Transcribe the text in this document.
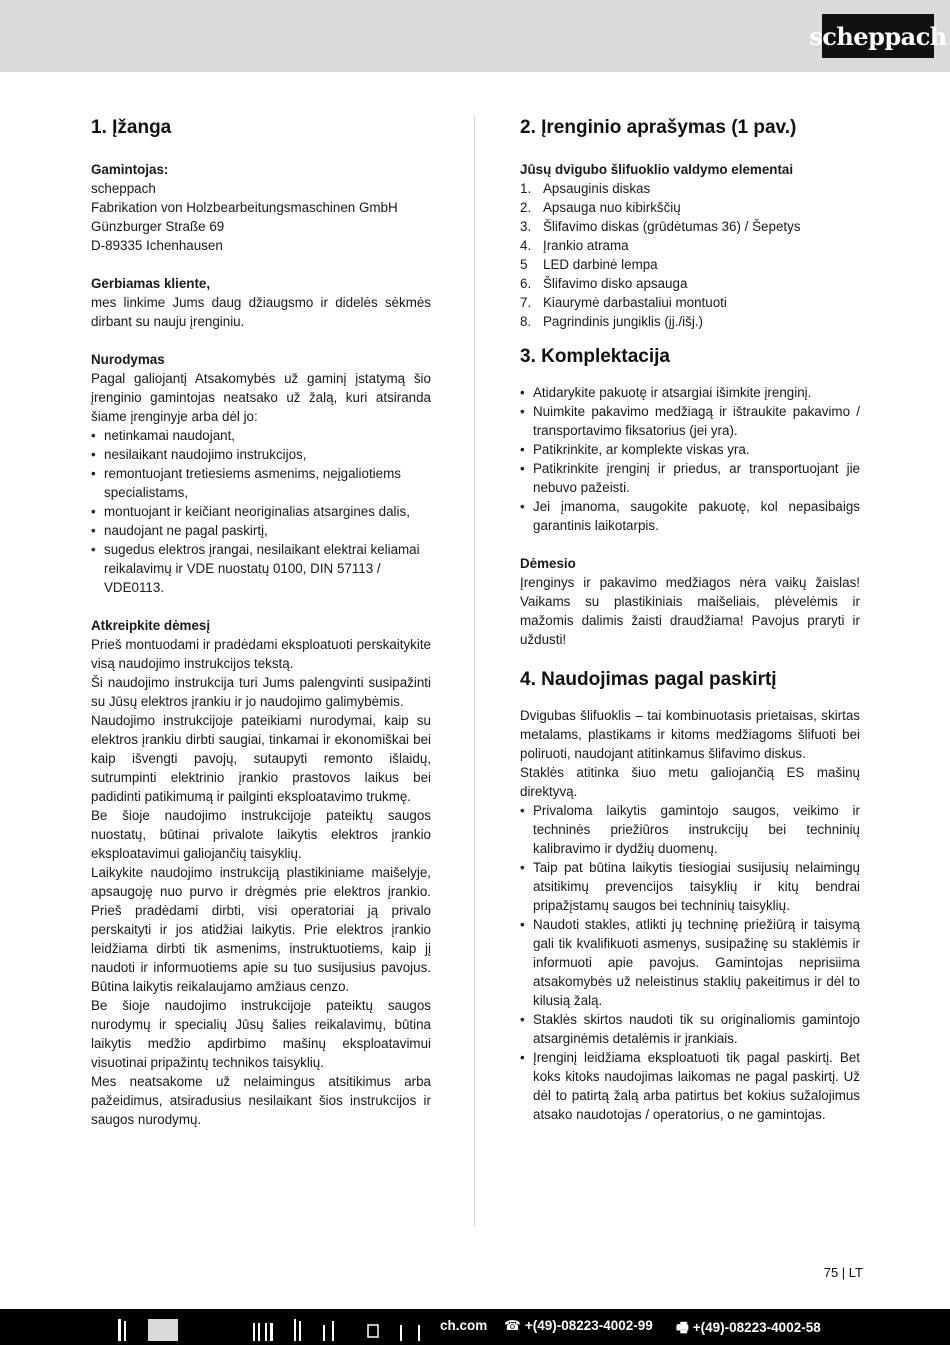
scheppach
1. Įžanga

Gamintojas:

scheppach

Fabrikation von Holzbearbeitungsmaschinen GmbH

Günzburger Straße 69

D-89335 Ichenhausen

Gerbiamas kliente,

mes linkime Jums daug džiaugsmo ir didelės sėkmės dirbant su nauju įrenginiu.

Nurodymas

Pagal galiojantį Atsakomybės už gaminį įstatymą šio įrenginio gamintojas neatsako už žalą, kuri atsiranda šiame įrenginyje arba dėl jo:

• netinkamai naudojant,
• nesilaikant naudojimo instrukcijos,
• remontuojant tretiesiems asmenims, neįgaliotiems specialistams,
• montuojant ir keičiant neoriginalias atsargines dalis,
• naudojant ne pagal paskirtį,
• sugedus elektros įrangai, nesilaikant elektrai keliamai reikalavimų ir VDE nuostatų 0100, DIN 57113 / VDE0113.

Atkreipkite dėmesį

Prieš montuodami ir pradėdami eksploatuoti perskaitykite visą naudojimo instrukcijos tekstą.

Ši naudojimo instrukcija turi Jums palengvinti susipažinti su Jūsų elektros įrankiu ir jo naudojimo galimybėmis.

Naudojimo instrukcijoje pateikiami nurodymai, kaip su elektros įrankiu dirbti saugiai, tinkamai ir ekonomiškai bei kaip išvengti pavojų, sutaupyti remonto išlaidų, sutrumpinti elektrinio įrankio prastovos laikus bei padidinti patikimumą ir pailginti eksploatavimo trukmę.

Be šioje naudojimo instrukcijoje pateiktų saugos nuostatų, būtinai privalote laikytis elektros įrankio eksploatavimui galiojančių taisyklių.

Laikykite naudojimo instrukciją plastikiniame maišelyje, apsaugoję nuo purvo ir drėgmės prie elektros įrankio. Prieš pradėdami dirbti, visi operatoriai ją privalo perskaityti ir jos atidžiai laikytis. Prie elektros įrankio leidžiama dirbti tik asmenims, instruktuotiems, kaip jį naudoti ir informuotiems apie su tuo susijusius pavojus. Būtina laikytis reikalaujamo amžiaus cenzo.

Be šioje naudojimo instrukcijoje pateiktų saugos nurodymų ir specialių Jūsų šalies reikalavimų, būtina laikytis medžio apdirbimo mašinų eksploatavimui visuotinai pripažintų technikos taisyklių.

Mes neatsakome už nelaimingus atsitikimus arba pažeidimus, atsiradusius nesilaikant šios instrukcijos ir saugos nurodymų.

2. Įrenginio aprašymas (1 pav.)

Jūsų dvigubo šlifuoklio valdymo elementai

1. Apsauginis diskas
2. Apsauga nuo kibirkščių
3. Šlifavimo diskas (grūdėtumas 36) / Šepetys
4. Įrankio atrama
5 LED darbinė lempa
6. Šlifavimo disko apsauga
7. Kiaurymė darbastaliui montuoti
8. Pagrindinis jungiklis (įj./išj.)
3. Komplektacija
• Atidarykite pakuotę ir atsargiai išimkite įrenginį.
• Nuimkite pakavimo medžiagą ir ištraukite pakavimo / transportavimo fiksatorius (jei yra).
• Patikrinkite, ar komplekte viskas yra.
• Patikrinkite įrenginį ir priedus, ar transportuojant jie nebuvo pažeisti.
• Jei įmanoma, saugokite pakuotę, kol nepasibaigs garantinis laikotarpis.

Dėmesio

Įrenginys ir pakavimo medžiagos nėra vaikų žaislas! Vaikams su plastikiniais maišeliais, plėvelėmis ir mažomis dalimis žaisti draudžiama! Pavojus praryti ir uždusti!

4. Naudojimas pagal paskirtį

Dvigubas šlifuoklis – tai kombinuotasis prietaisas, skirtas metalams, plastikams ir kitoms medžiagoms šlifuoti bei poliruoti, naudojant atitinkamus šlifavimo diskus.

Staklės atitinka šiuo metu galiojančią ES mašinų direktyvą.

• Privaloma laikytis gamintojo saugos, veikimo ir techninės priežiūros instrukcijų bei techninių kalibravimo ir dydžių duomenų.
• Taip pat būtina laikytis tiesiogiai susijusių nelaimingų atsitikimų prevencijos taisyklių ir kitų bendrai pripažįstamų saugos bei techninių taisyklių.
• Naudoti stakles, atlikti jų techninę priežiūrą ir taisymą gali tik kvalifikuoti asmenys, susipažinę su staklėmis ir informuoti apie pavojus. Gamintojas neprisiima atsakomybės už neleistinus staklių pakeitimus ir dėl to kilusią žalą.
• Staklės skirtos naudoti tik su originaliomis gamintojo atsarginėmis detalėmis ir įrankiais.
• Įrenginį leidžiama eksploatuoti tik pagal paskirtį. Bet koks kitoks naudojimas laikomas ne pagal paskirtį. Už dėl to patirtą žalą arba patirtus bet kokius sužalojimus atsako naudotojas / operatorius, o ne gamintojas.
75 | LT
ch.com ☎ +(49)-08223-4002-99 🖷 +(49)-08223-4002-58
